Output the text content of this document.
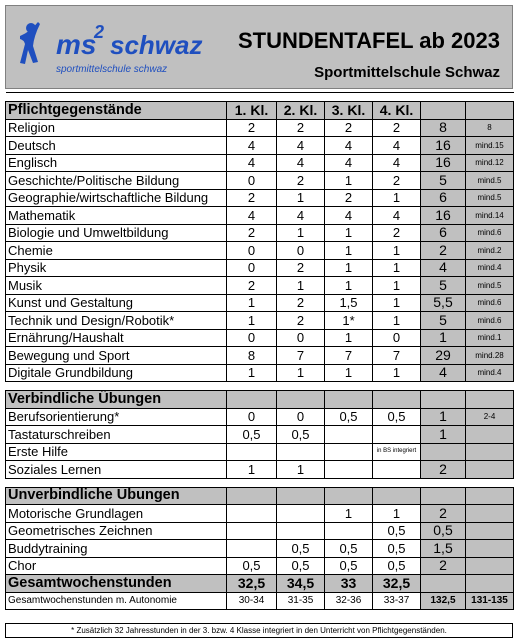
ms
2 schwaz
sportmittelschule schwaz
STUNDENTAFEL ab 2023
Sportmittelschule Schwaz

Pflichtgegenstände	1. Kl.	2. Kl.	3. Kl.	4. Kl.		
Religion	2	2	2	2	8	8
Deutsch	4	4	4	4	16	mind.15
Englisch	4	4	4	4	16	mind.12
Geschichte/Politische Bildung	0	2	1	2	5	mind.5
Geographie/wirtschaftliche Bildung	2	1	2	1	6	mind.5
Mathematik	4	4	4	4	16	mind.14
Biologie und Umweltbildung	2	1	1	2	6	mind.6
Chemie	0	0	1	1	2	mind.2
Physik	0	2	1	1	4	mind.4
Musik	2	1	1	1	5	mind.5
Kunst und Gestaltung	1	2	1,5	1	5,5	mind.6
Technik und Design/Robotik*	1	2	1*	1	5	mind.6
Ernährung/Haushalt	0	0	1	0	1	mind.1
Bewegung und Sport	8	7	7	7	29	mind.28
Digitale Grundbildung	1	1	1	1	4	mind.4

Verbindliche Übungen						
Berufsorientierung*	0	0	0,5	0,5	1	2-4
Tastaturschreiben	0,5	0,5			1	
Erste Hilfe				in BS integriert		
Soziales Lernen	1	1			2	

Unverbindliche Übungen						
Motorische Grundlagen			1	1	2	
Geometrisches Zeichnen				0,5	0,5	
Buddytraining		0,5	0,5	0,5	1,5	
Chor	0,5	0,5	0,5	0,5	2	
Gesamtwochenstunden	32,5	34,5	33	32,5		
Gesamtwochenstunden m. Autonomie	30-34	31-35	32-36	33-37	132,5	131-135
* Zusätzlich 32 Jahresstunden in der 3. bzw. 4 Klasse integriert in den Unterricht von Pflichtgegenständen.
